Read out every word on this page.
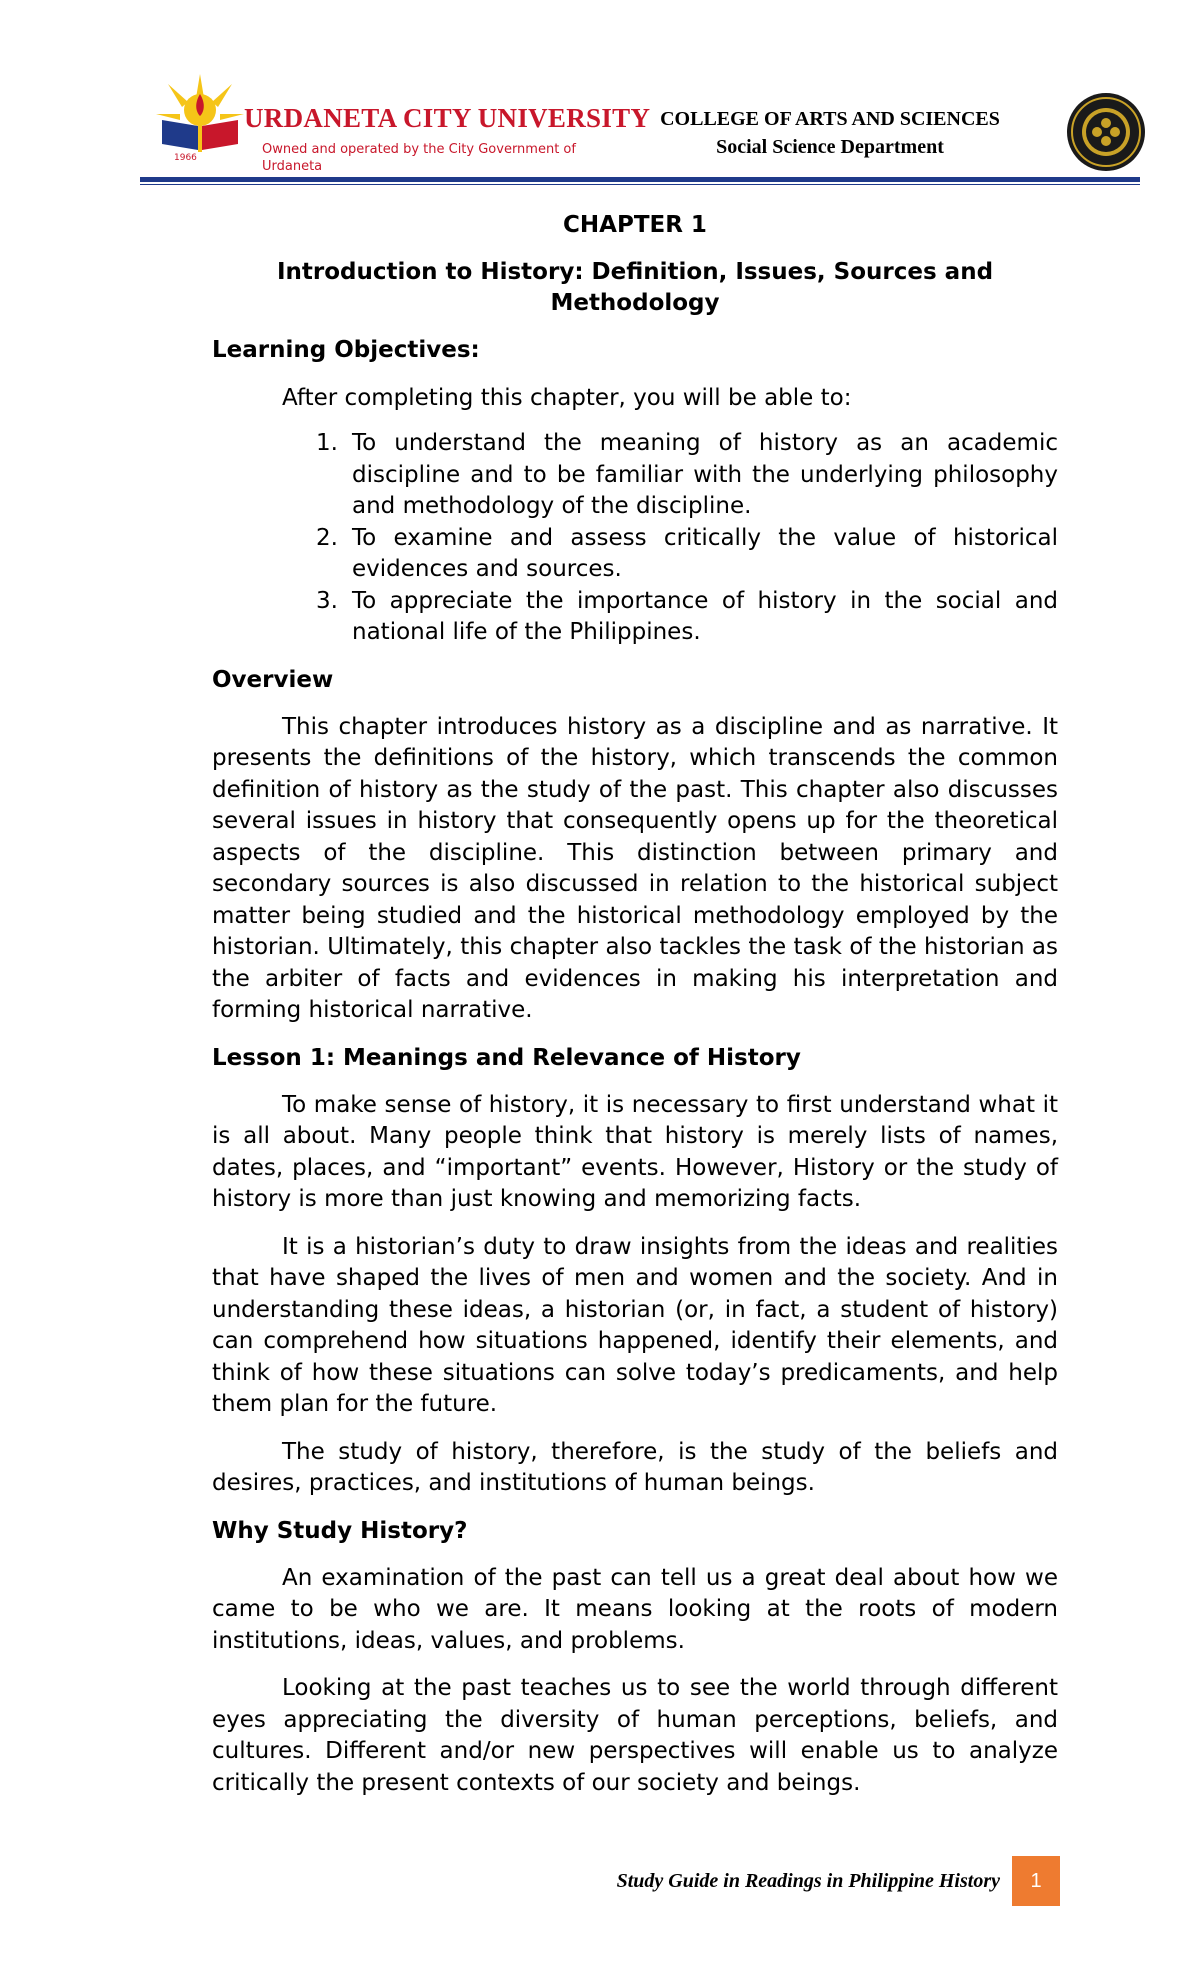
1966
URDANETA CITY UNIVERSITY
Owned and operated by the City Government of Urdaneta
COLLEGE OF ARTS AND SCIENCES
Social Science Department

CHAPTER 1

Introduction to History: Definition, Issues, Sources and Methodology

Learning Objectives:

After completing this chapter, you will be able to:

1. To understand the meaning of history as an academic discipline and to be familiar with the underlying philosophy and methodology of the discipline.
2. To examine and assess critically the value of historical evidences and sources.
3. To appreciate the importance of history in the social and national life of the Philippines.

Overview

This chapter introduces history as a discipline and as narrative. It presents the definitions of the history, which transcends the common definition of history as the study of the past. This chapter also discusses several issues in history that consequently opens up for the theoretical aspects of the discipline. This distinction between primary and secondary sources is also discussed in relation to the historical subject matter being studied and the historical methodology employed by the historian. Ultimately, this chapter also tackles the task of the historian as the arbiter of facts and evidences in making his interpretation and forming historical narrative.

Lesson 1: Meanings and Relevance of History

To make sense of history, it is necessary to first understand what it is all about. Many people think that history is merely lists of names, dates, places, and “important” events. However, History or the study of history is more than just knowing and memorizing facts.

It is a historian’s duty to draw insights from the ideas and realities that have shaped the lives of men and women and the society. And in understanding these ideas, a historian (or, in fact, a student of history) can comprehend how situations happened, identify their elements, and think of how these situations can solve today’s predicaments, and help them plan for the future.

The study of history, therefore, is the study of the beliefs and desires, practices, and institutions of human beings.

Why Study History?

An examination of the past can tell us a great deal about how we came to be who we are. It means looking at the roots of modern institutions, ideas, values, and problems.

Looking at the past teaches us to see the world through different eyes appreciating the diversity of human perceptions, beliefs, and cultures. Different and/or new perspectives will enable us to analyze critically the present contexts of our society and beings.

Study Guide in Readings in Philippine History	1
